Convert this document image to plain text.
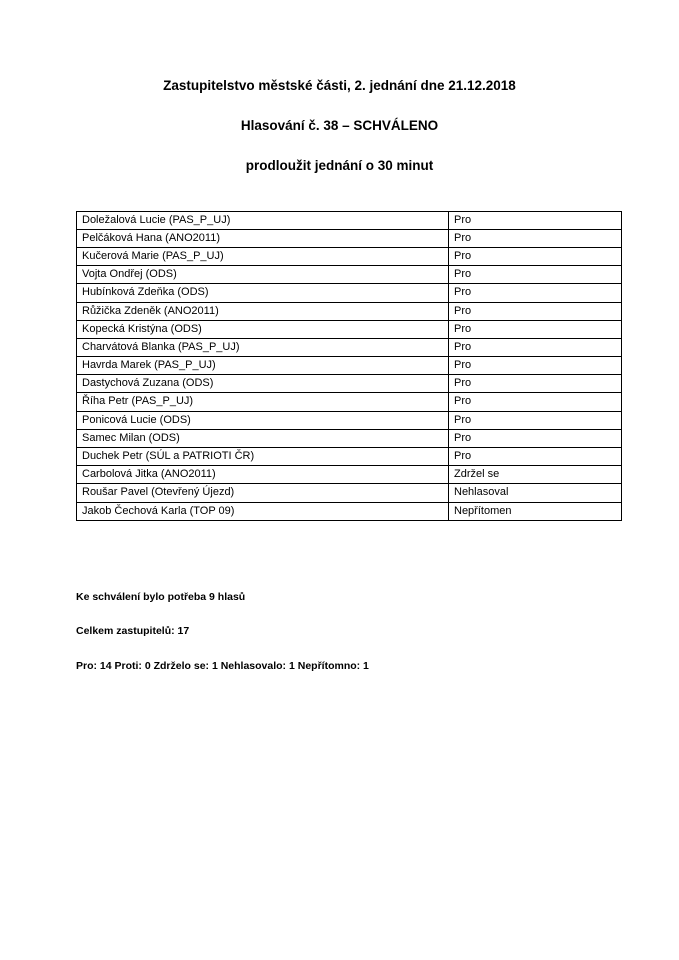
Zastupitelstvo městské části, 2. jednání dne 21.12.2018
Hlasování č. 38 – SCHVÁLENO
prodloužit jednání o 30 minut
Doležalová Lucie (PAS_P_UJ)	Pro
Pelčáková Hana (ANO2011)	Pro
Kučerová Marie (PAS_P_UJ)	Pro
Vojta Ondřej (ODS)	Pro
Hubínková Zdeňka (ODS)	Pro
Růžička Zdeněk (ANO2011)	Pro
Kopecká Kristýna (ODS)	Pro
Charvátová Blanka (PAS_P_UJ)	Pro
Havrda Marek (PAS_P_UJ)	Pro
Dastychová Zuzana (ODS)	Pro
Říha Petr (PAS_P_UJ)	Pro
Ponicová Lucie (ODS)	Pro
Samec Milan (ODS)	Pro
Duchek Petr (SÚL a PATRIOTI ČR)	Pro
Carbolová Jitka (ANO2011)	Zdržel se
Roušar Pavel (Otevřený Újezd)	Nehlasoval
Jakob Čechová Karla (TOP 09)	Nepřítomen

Ke schválení bylo potřeba 9 hlasů

Celkem zastupitelů: 17

Pro: 14 Proti: 0 Zdrželo se: 1 Nehlasovalo: 1 Nepřítomno: 1
